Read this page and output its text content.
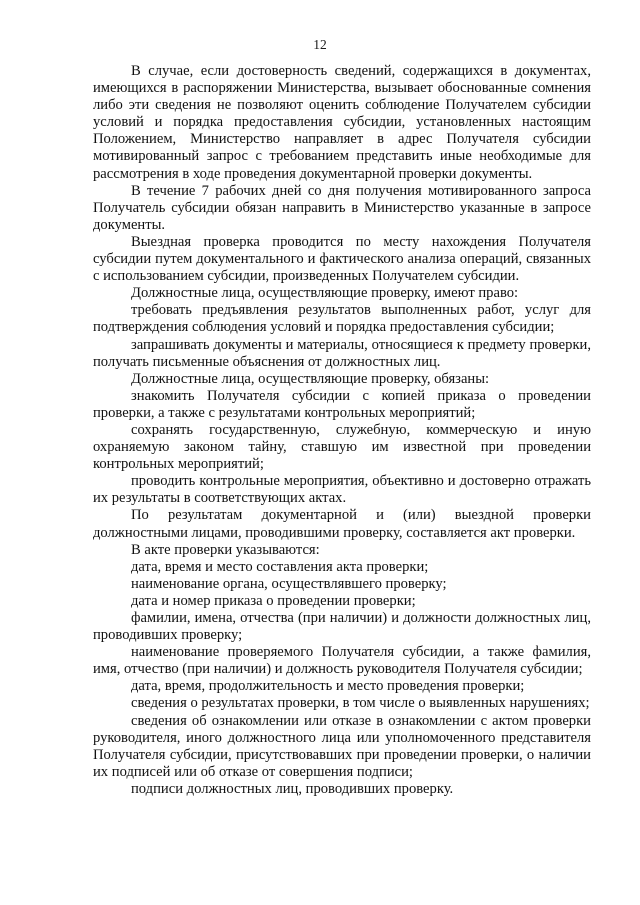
12

В случае, если достоверность сведений, содержащихся в документах, имеющихся в распоряжении Министерства, вызывает обоснованные сомнения либо эти сведения не позволяют оценить соблюдение Получателем субсидии условий и порядка предоставления субсидии, установленных настоящим Положением, Министерство направляет в адрес Получателя субсидии мотивированный запрос с требованием представить иные необходимые для рассмотрения в ходе проведения документарной проверки документы.

В течение 7 рабочих дней со дня получения мотивированного запроса Получатель субсидии обязан направить в Министерство указанные в запросе документы.

Выездная проверка проводится по месту нахождения Получателя субсидии путем документального и фактического анализа операций, связанных с использованием субсидии, произведенных Получателем субсидии.

Должностные лица, осуществляющие проверку, имеют право:

требовать предъявления результатов выполненных работ, услуг для подтверждения соблюдения условий и порядка предоставления субсидии;

запрашивать документы и материалы, относящиеся к предмету проверки, получать письменные объяснения от должностных лиц.

Должностные лица, осуществляющие проверку, обязаны:

знакомить Получателя субсидии с копией приказа о проведении проверки, а также с результатами контрольных мероприятий;

сохранять государственную, служебную, коммерческую и иную охраняемую законом тайну, ставшую им известной при проведении контрольных мероприятий;

проводить контрольные мероприятия, объективно и достоверно отражать их результаты в соответствующих актах.

По результатам документарной и (или) выездной проверки должностными лицами, проводившими проверку, составляется акт проверки.

В акте проверки указываются:

дата, время и место составления акта проверки;

наименование органа, осуществлявшего проверку;

дата и номер приказа о проведении проверки;

фамилии, имена, отчества (при наличии) и должности должностных лиц, проводивших проверку;

наименование проверяемого Получателя субсидии, а также фамилия, имя, отчество (при наличии) и должность руководителя Получателя субсидии;

дата, время, продолжительность и место проведения проверки;

сведения о результатах проверки, в том числе о выявленных нарушениях;

сведения об ознакомлении или отказе в ознакомлении с актом проверки руководителя, иного должностного лица или уполномоченного представителя Получателя субсидии, присутствовавших при проведении проверки, о наличии их подписей или об отказе от совершения подписи;

подписи должностных лиц, проводивших проверку.
